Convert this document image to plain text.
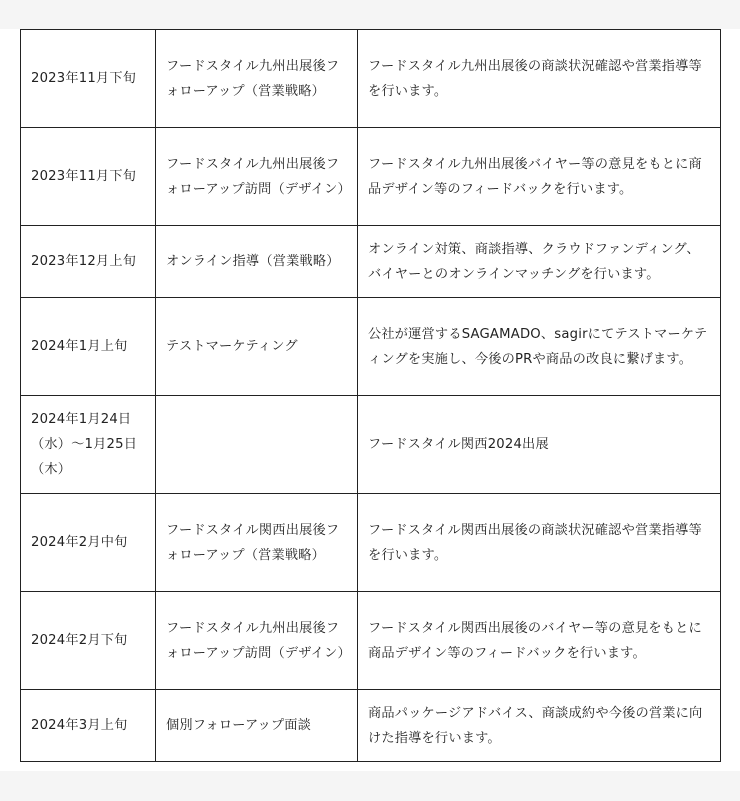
2023年11月下旬	フードスタイル九州出展後フォローアップ（営業戦略）	フードスタイル九州出展後の商談状況確認や営業指導等を行います。
2023年11月下旬	フードスタイル九州出展後フォローアップ訪問（デザイン）	フードスタイル九州出展後バイヤー等の意見をもとに商品デザイン等のフィードバックを行います。
2023年12月上旬	オンライン指導（営業戦略）	オンライン対策、商談指導、クラウドファンディング、バイヤーとのオンラインマッチングを行います。
2024年1月上旬	テストマーケティング	公社が運営するSAGAMADO、sagirにてテストマーケティングを実施し、今後のPRや商品の改良に繋げます。
2024年1月24日（水）～1月25日（木）		フードスタイル関西2024出展
2024年2月中旬	フードスタイル関西出展後フォローアップ（営業戦略）	フードスタイル関西出展後の商談状況確認や営業指導等を行います。
2024年2月下旬	フードスタイル九州出展後フォローアップ訪問（デザイン）	フードスタイル関西出展後のバイヤー等の意見をもとに商品デザイン等のフィードバックを行います。
2024年3月上旬	個別フォローアップ面談	商品パッケージアドバイス、商談成約や今後の営業に向けた指導を行います。
